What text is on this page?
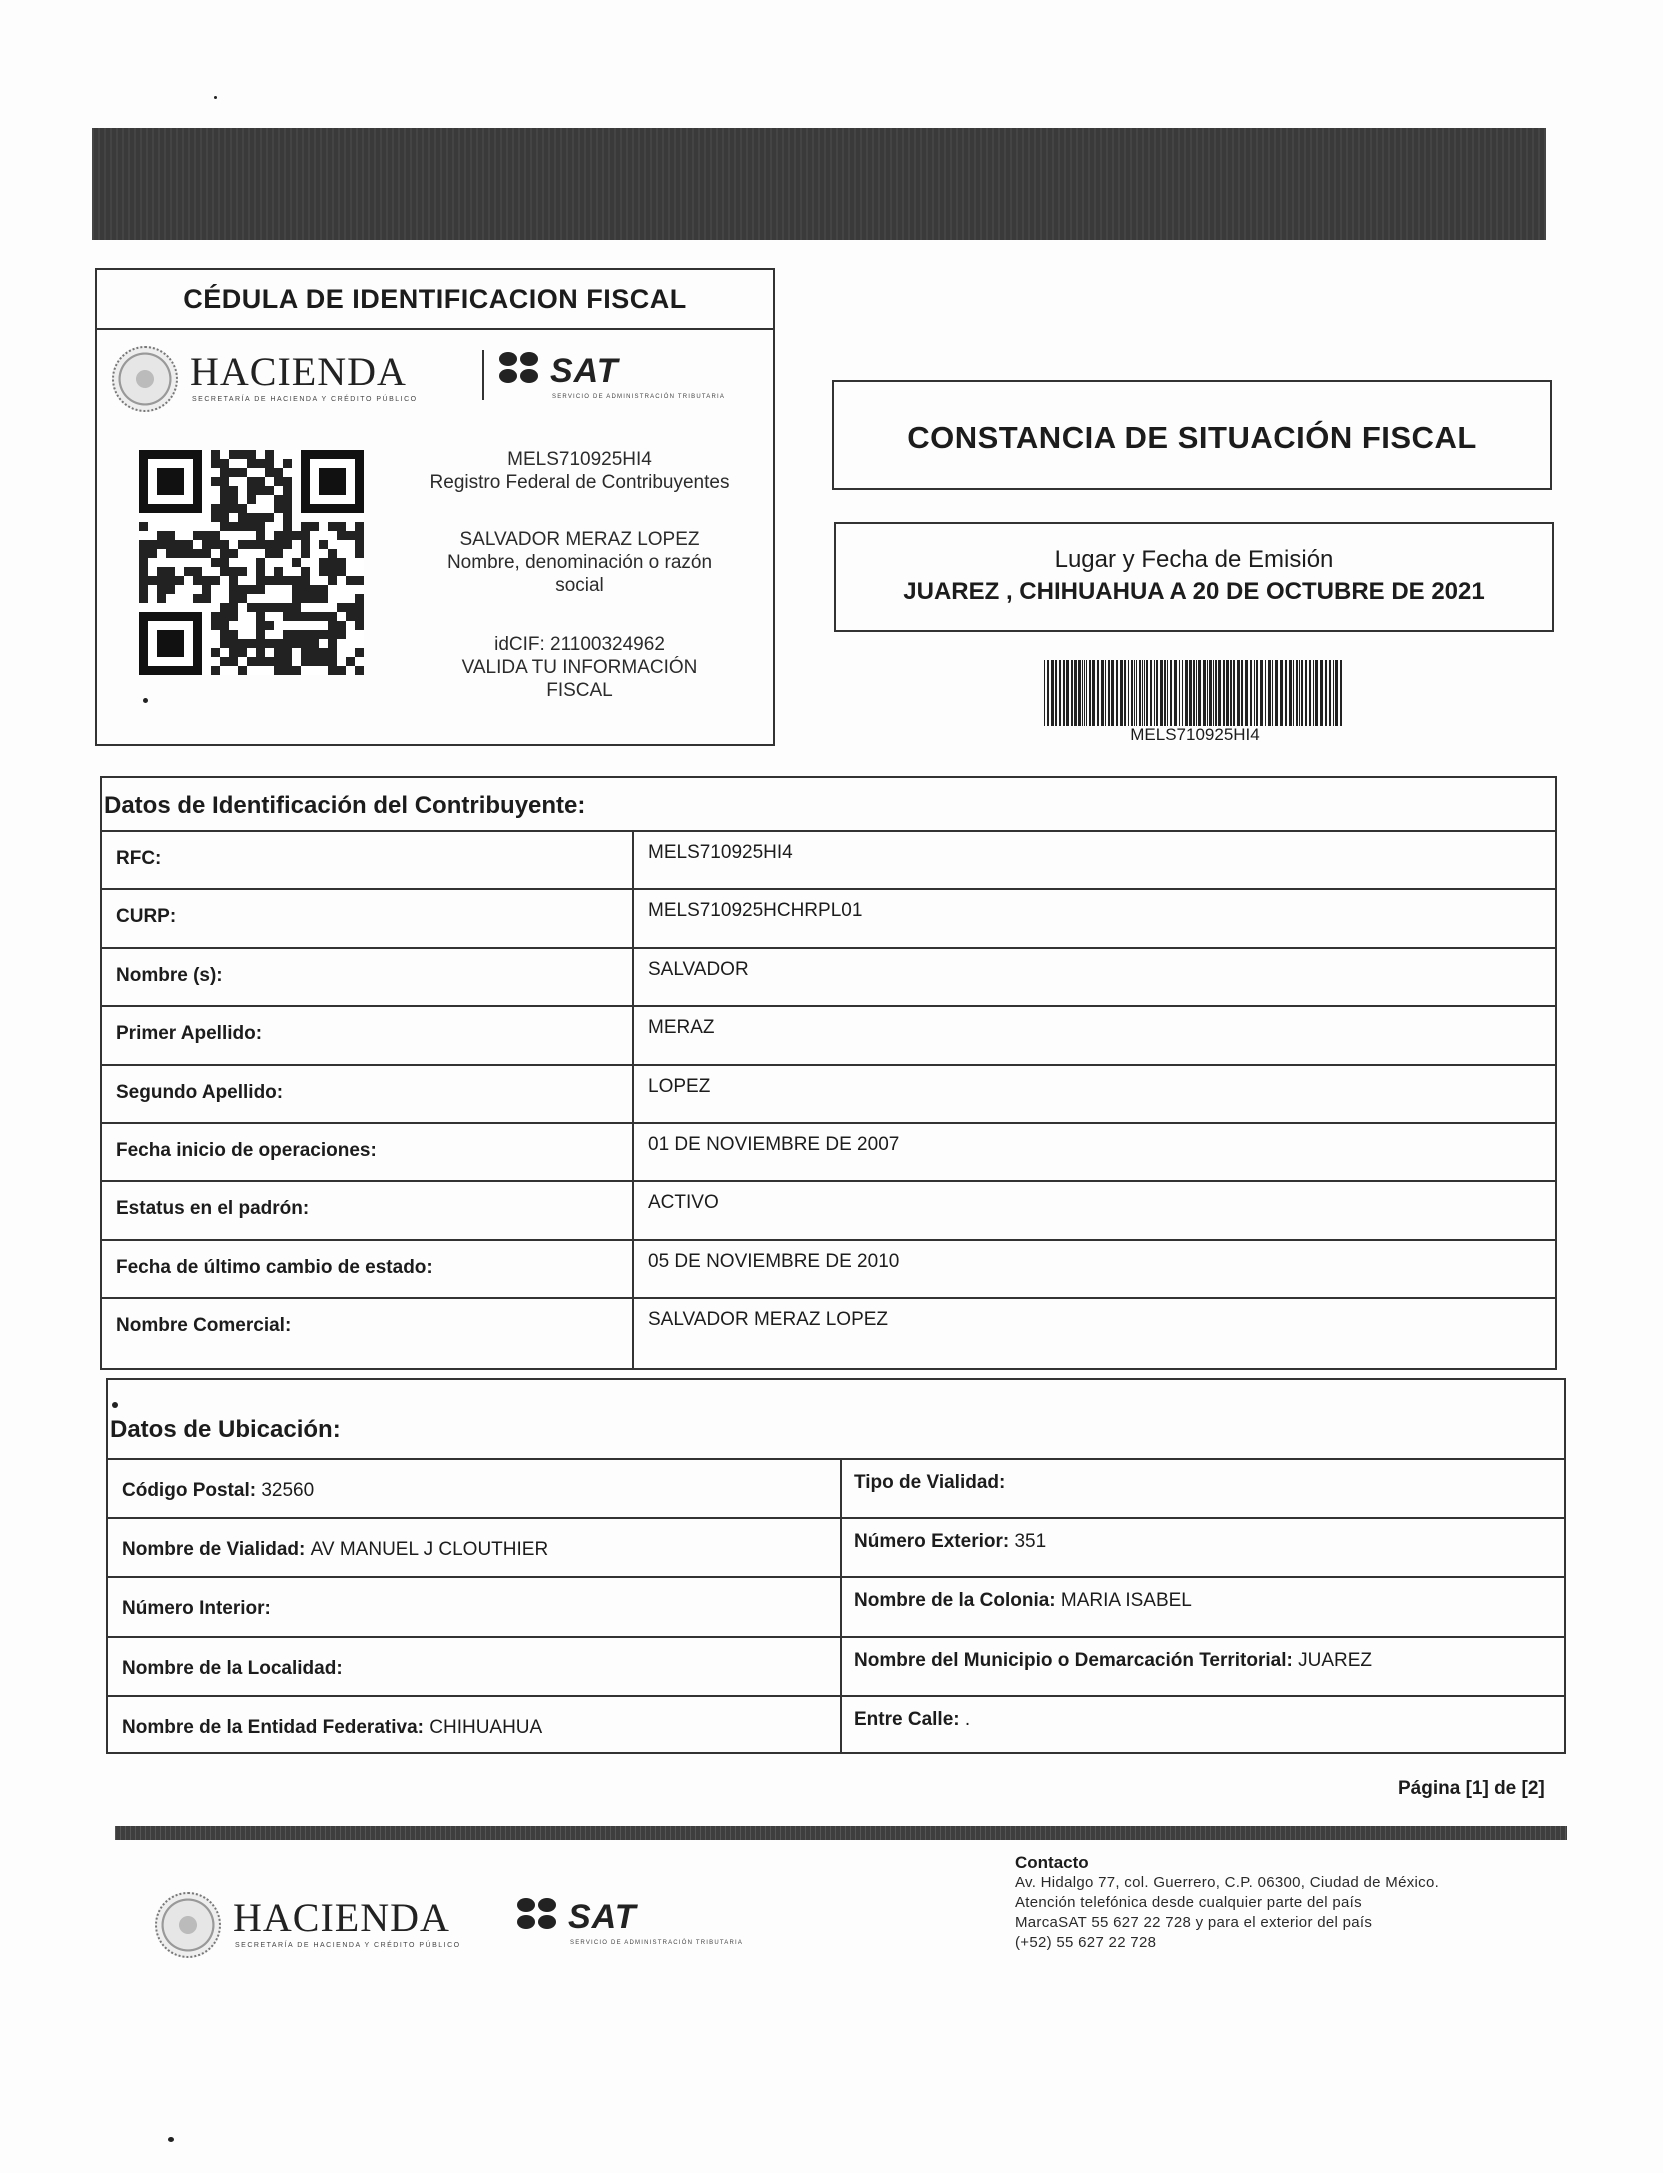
CÉDULA DE IDENTIFICACION FISCAL
HACIENDA
SECRETARÍA DE HACIENDA Y CRÉDITO PÚBLICO
SAT
SERVICIO DE ADMINISTRACIÓN TRIBUTARIA
MELS710925HI4
Registro Federal de Contribuyentes
SALVADOR MERAZ LOPEZ
Nombre, denominación o razón
social
idCIF: 21100324962
VALIDA TU INFORMACIÓN
FISCAL
CONSTANCIA DE SITUACIÓN FISCAL
Lugar y Fecha de Emisión
JUAREZ , CHIHUAHUA A 20 DE OCTUBRE DE 2021
MELS710925HI4
Datos de Identificación del Contribuyente:
RFC:	MELS710925HI4
CURP:	MELS710925HCHRPL01
Nombre (s):	SALVADOR
Primer Apellido:	MERAZ
Segundo Apellido:	LOPEZ
Fecha inicio de operaciones:	01 DE NOVIEMBRE DE 2007
Estatus en el padrón:	ACTIVO
Fecha de último cambio de estado:	05 DE NOVIEMBRE DE 2010
Nombre Comercial:	SALVADOR MERAZ LOPEZ
Datos de Ubicación:
Código Postal: 32560	Tipo de Vialidad:
Nombre de Vialidad: AV MANUEL J CLOUTHIER	Número Exterior: 351
Número Interior:	Nombre de la Colonia: MARIA ISABEL
Nombre de la Localidad:	Nombre del Municipio o Demarcación Territorial: JUAREZ
Nombre de la Entidad Federativa: CHIHUAHUA	Entre Calle: .
Página [1] de [2]
HACIENDA
SECRETARÍA DE HACIENDA Y CRÉDITO PÚBLICO
SAT
SERVICIO DE ADMINISTRACIÓN TRIBUTARIA
Contacto
Av. Hidalgo 77, col. Guerrero, C.P. 06300, Ciudad de México.
Atención telefónica desde cualquier parte del país
MarcaSAT 55 627 22 728 y para el exterior del país
(+52) 55 627 22 728
